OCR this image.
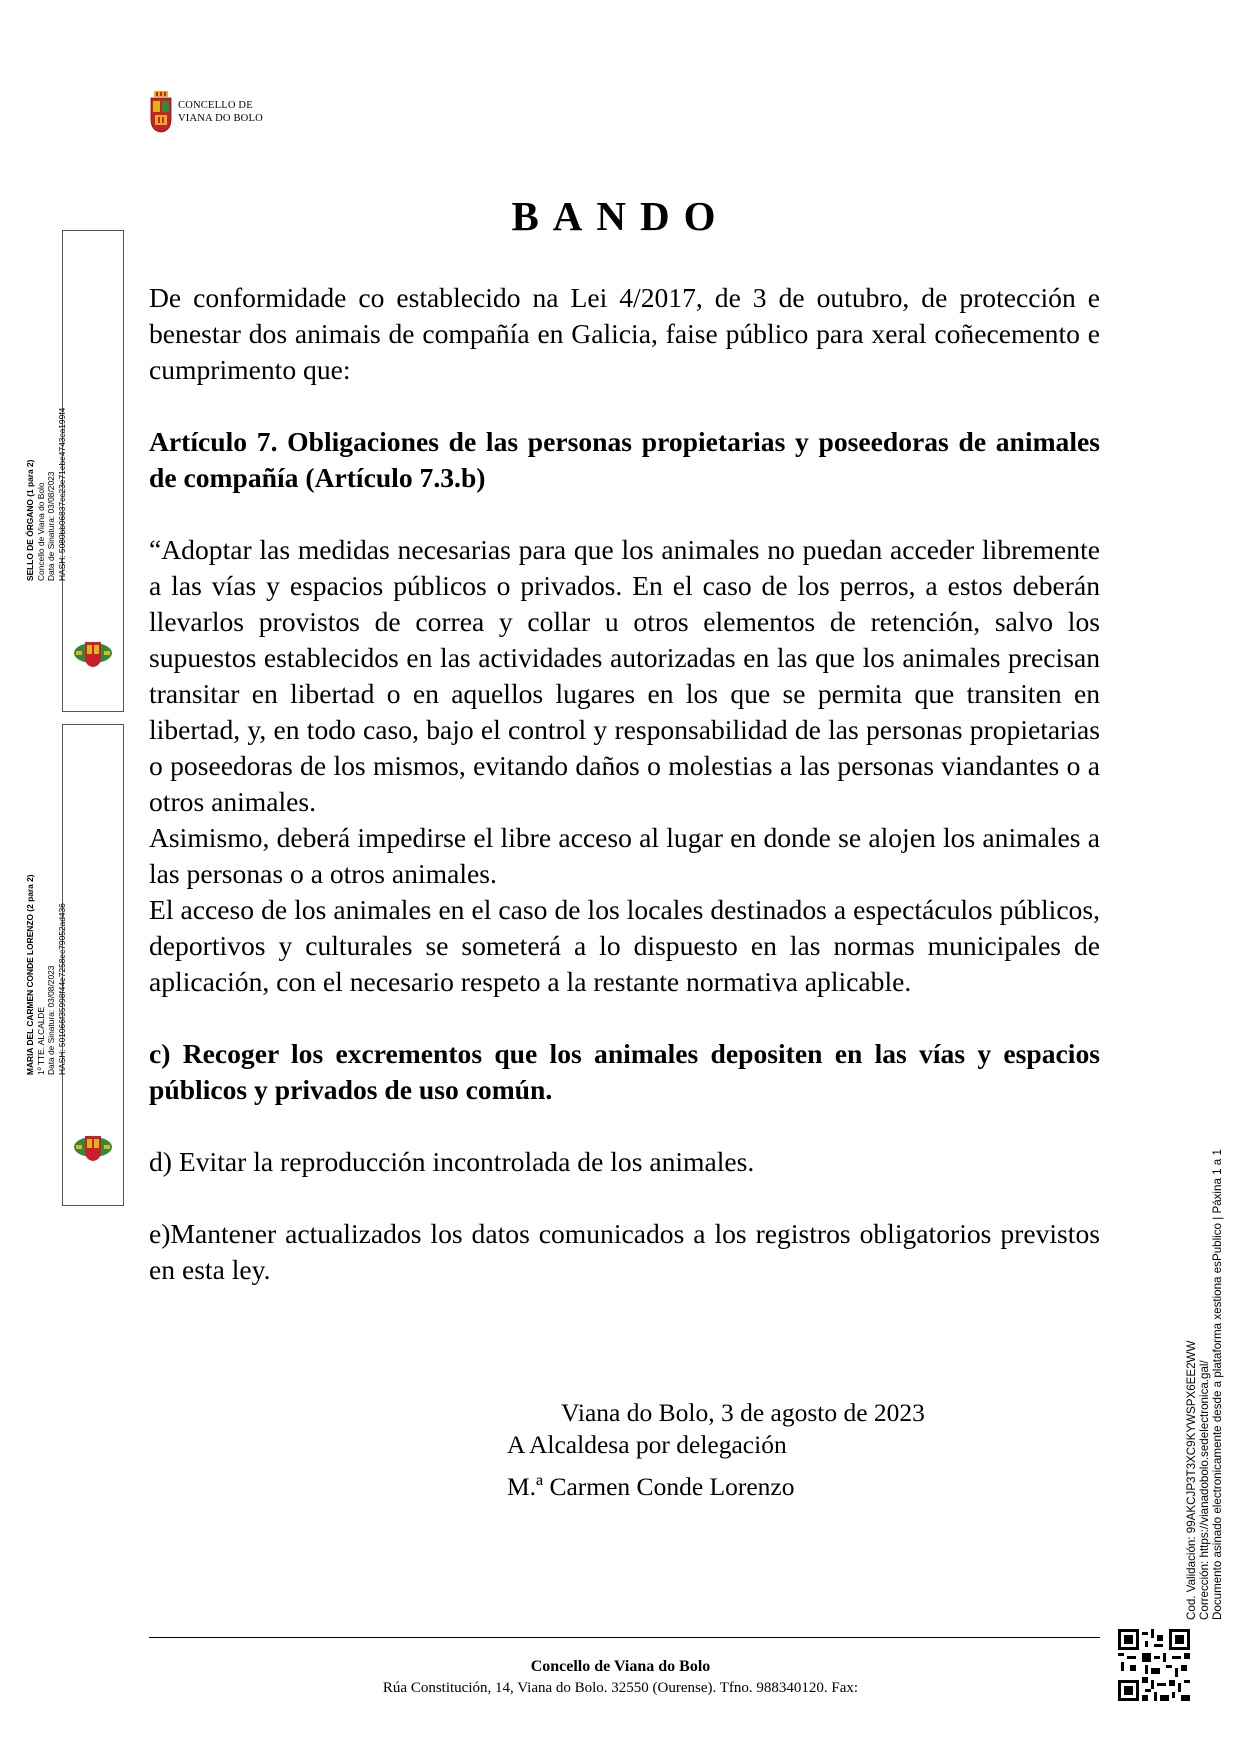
CONCELLO DE
VIANA DO BOLO
BANDO

De conformidade co establecido na Lei 4/2017, de 3 de outubro, de protección e benestar dos animais de compañía en Galicia, faise público para xeral coñecemento e cumprimento que:

Artículo 7. Obligaciones de las personas propietarias y poseedoras de animales de compañía (Artículo 7.3.b)

“Adoptar las medidas necesarias para que los animales no puedan acceder libremente a las vías y espacios públicos o privados. En el caso de los perros, a estos deberán llevarlos provistos de correa y collar u otros elementos de retención, salvo los supuestos establecidos en las actividades autorizadas en las que los animales precisan transitar en libertad o en aquellos lugares en los que se permita que transiten en libertad, y, en todo caso, bajo el control y responsabilidad de las personas propietarias o poseedoras de los mismos, evitando daños o molestias a las personas viandantes o a otros animales.

Asimismo, deberá impedirse el libre acceso al lugar en donde se alojen los animales a las personas o a otros animales.

El acceso de los animales en el caso de los locales destinados a espectáculos públicos, deportivos y culturales se someterá a lo dispuesto en las normas municipales de aplicación, con el necesario respeto a la restante normativa aplicable.

c) Recoger los excrementos que los animales depositen en las vías y espacios públicos y privados de uso común.

d) Evitar la reproducción incontrolada de los animales.

e)Mantener actualizados los datos comunicados a los registros obligatorios previstos en esta ley.

Viana do Bolo, 3 de agosto de 2023
A Alcaldesa por delegación
M.ª Carmen Conde Lorenzo
Concello de Viana do Bolo
Rúa Constitución, 14, Viana do Bolo. 32550 (Ourense). Tfno. 988340120. Fax:
SELLO DE ÓRGANO (1 para 2) Concello de Viana do Bolo Data de Sinatura: 03/08/2023 HASH: 5080bb06837cc23e71ebe4743ca199f4
MARIA DEL CARMEN CONDE LORENZO (2 para 2) 1º TTE. ALCALDE Data de Sinatura: 03/08/2023 HASH: 501066f35998f44e7258ec79052ad436
Cod. Validación: 99AKCJP3T3XC9KYWSPX6EE2WW Corrección: https://vianadobolo.sedelectronica.gal/ Documento asinado electronicamente desde a plataforma xestiona esPublico | Páxina 1 a 1
